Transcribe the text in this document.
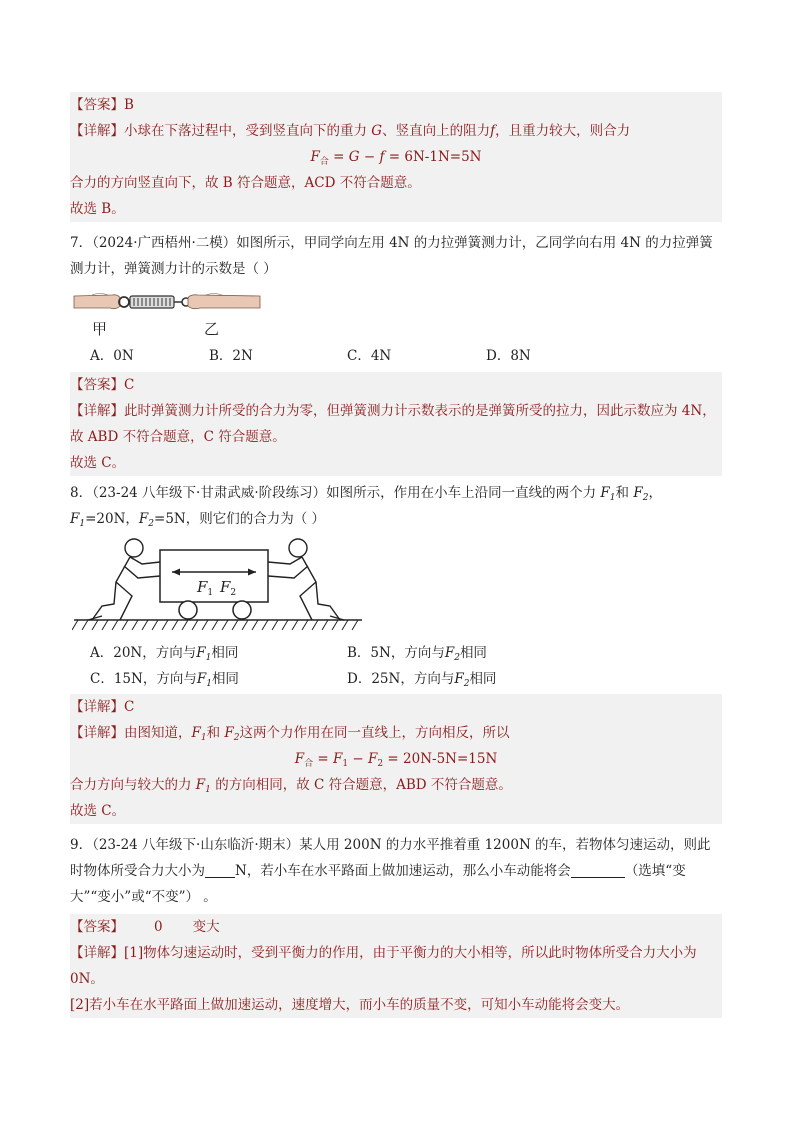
【答案】B
【详解】小球在下落过程中，受到竖直向下的重力 G、竖直向上的阻力f，且重力较大，则合力
$F_合 = G - f = 6N-1N=5N$
合力的方向竖直向下，故 B 符合题意，ACD 不符合题意。
故选 B。
7．（2024·广西梧州·二模）如图所示，甲同学向左用 4N 的力拉弹簧测力计，乙同学向右用 4N 的力拉弹簧
测力计，弹簧测力计的示数是（ ）
甲	乙
A．0N	B．2N	C．4N	D．8N
【答案】C
【详解】此时弹簧测力计所受的合力为零，但弹簧测力计示数表示的是弹簧所受的拉力，因此示数应为 4N，
故 ABD 不符合题意，C 符合题意。
故选 C。
8．（23-24 八年级下·甘肃武威·阶段练习）如图所示，作用在小车上沿同一直线的两个力 $F_1$和 $F_2$，
$F_1=20N$，$F_2=5N$，则它们的合力为（ ）
$F_1$ $F_2$
A．20N，方向与$F_1$相同	B．5N，方向与$F_2$相同
C．15N，方向与$F_1$相同	D．25N，方向与$F_2$相同
【详解】C
【详解】由图知道，$F_1$和 $F_2$这两个力作用在同一直线上，方向相反，所以
$F_合 = F_1 - F_2 = 20N-5N=15N$
合力方向与较大的力 $F_1$ 的方向相同，故 C 符合题意，ABD 不符合题意。
故选 C。
9．（23-24 八年级下·山东临沂·期末）某人用 200N 的力水平推着重 1200N 的车，若物体匀速运动，则此
时物体所受合力大小为 N，若小车在水平路面上做加速运动，那么小车动能将会	（选填“变
大”“变小”或“不变”） 。
【答案】 0 变大
【详解】[1]物体匀速运动时，受到平衡力的作用，由于平衡力的大小相等，所以此时物体所受合力大小为
0N。
[2]若小车在水平路面上做加速运动，速度增大，而小车的质量不变，可知小车动能将会变大。
